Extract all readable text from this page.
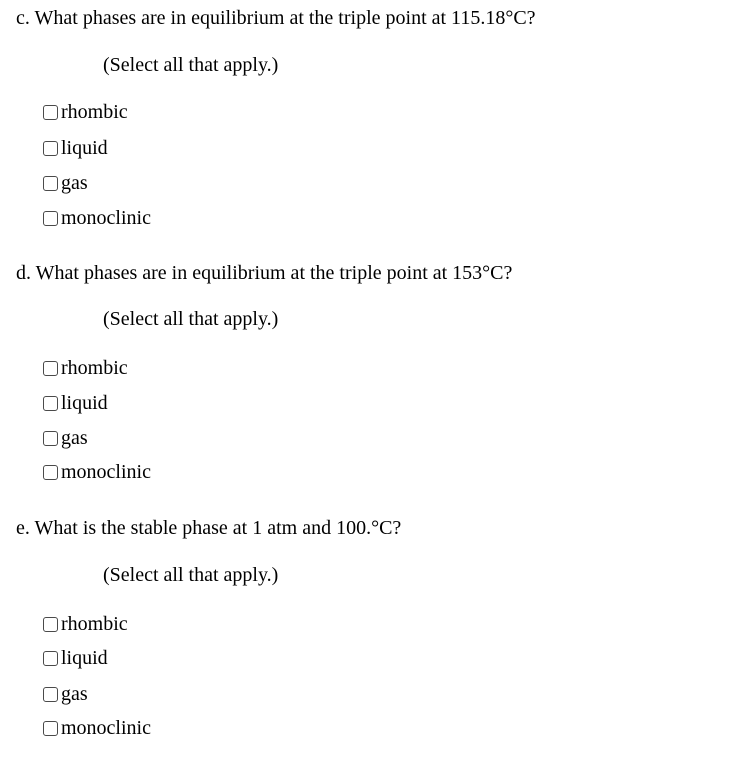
c. What phases are in equilibrium at the triple point at 115.18°C?

(Select all that apply.)

rhombic
liquid
gas
monoclinic

d. What phases are in equilibrium at the triple point at 153°C?

(Select all that apply.)

rhombic
liquid
gas
monoclinic

e. What is the stable phase at 1 atm and 100.°C?

(Select all that apply.)

rhombic
liquid
gas
monoclinic
